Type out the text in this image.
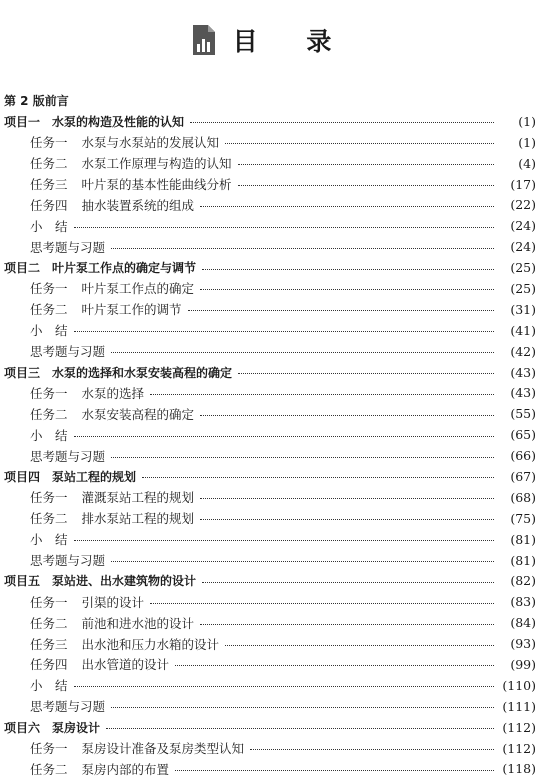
目 录
第 2 版前言
项目一 水泵的构造及性能的认知	(1)
任务一 水泵与水泵站的发展认知	(1)
任务二 水泵工作原理与构造的认知	(4)
任务三 叶片泵的基本性能曲线分析	(17)
任务四 抽水装置系统的组成	(22)
小　结	(24)
思考题与习题	(24)
项目二 叶片泵工作点的确定与调节	(25)
任务一 叶片泵工作点的确定	(25)
任务二 叶片泵工作的调节	(31)
小　结	(41)
思考题与习题	(42)
项目三 水泵的选择和水泵安装高程的确定	(43)
任务一 水泵的选择	(43)
任务二 水泵安装高程的确定	(55)
小　结	(65)
思考题与习题	(66)
项目四 泵站工程的规划	(67)
任务一 灌溉泵站工程的规划	(68)
任务二 排水泵站工程的规划	(75)
小　结	(81)
思考题与习题	(81)
项目五 泵站进、出水建筑物的设计	(82)
任务一 引渠的设计	(83)
任务二 前池和进水池的设计	(84)
任务三 出水池和压力水箱的设计	(93)
任务四 出水管道的设计	(99)
小　结	(110)
思考题与习题	(111)
项目六 泵房设计	(112)
任务一 泵房设计准备及泵房类型认知	(112)
任务二 泵房内部的布置	(118)
